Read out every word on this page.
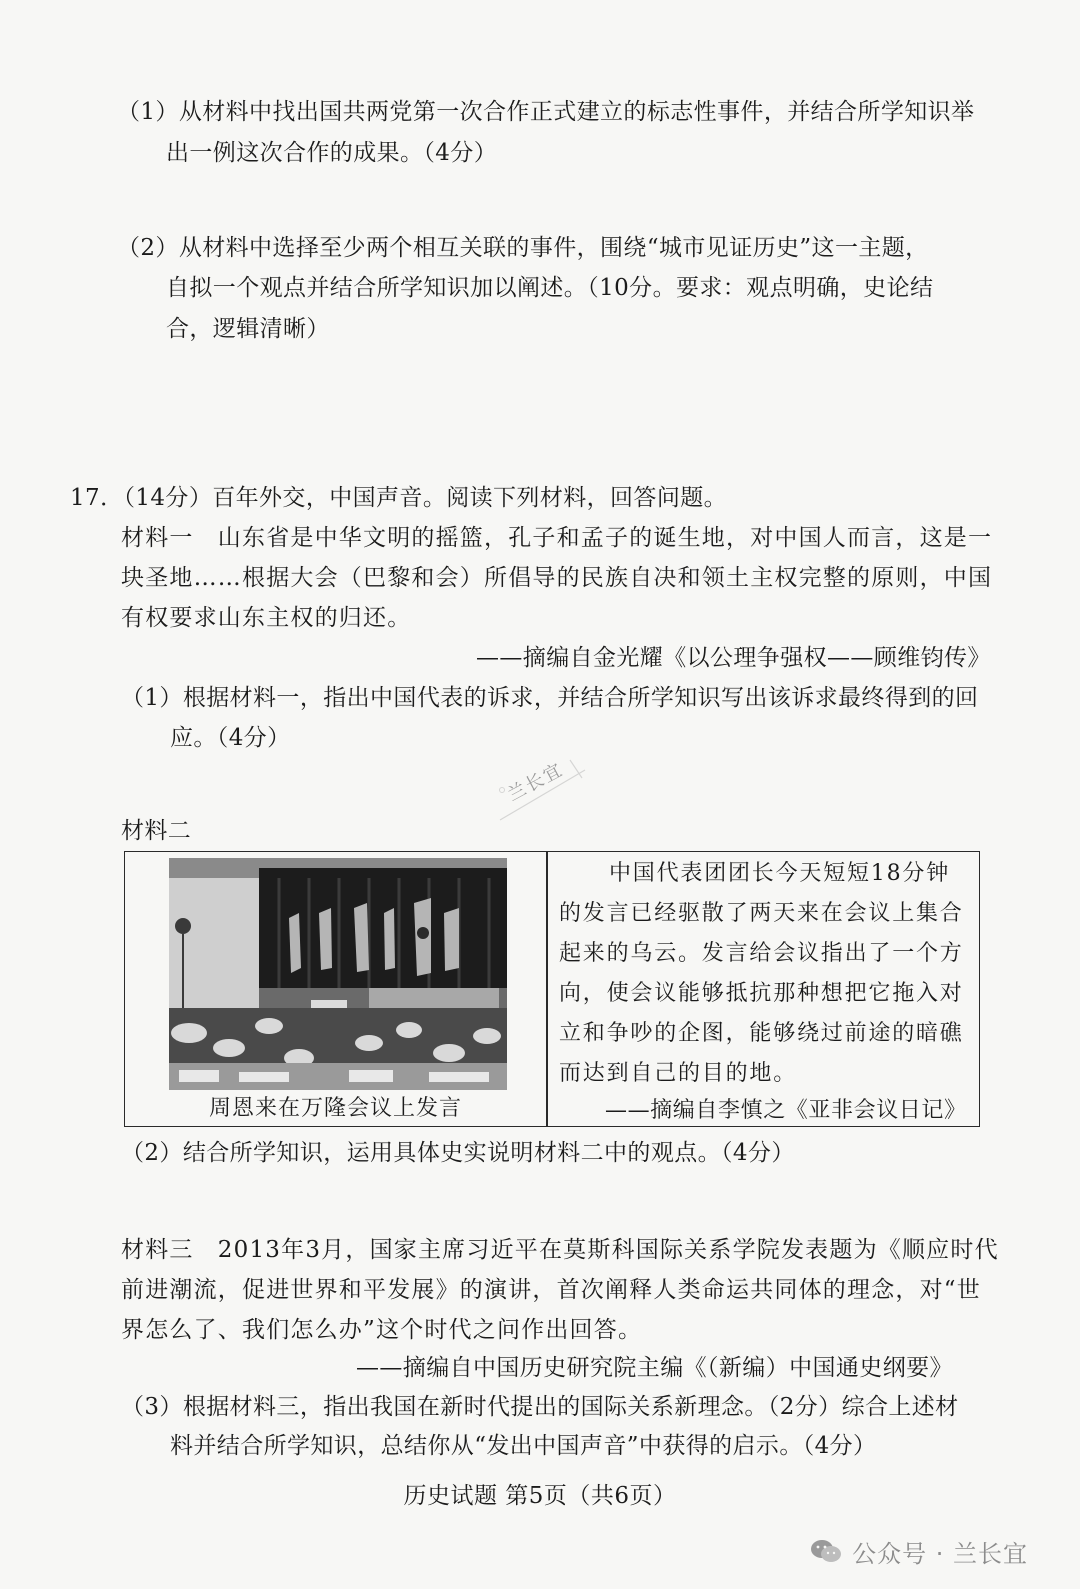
（1）从材料中找出国共两党第一次合作正式建立的标志性事件，并结合所学知识举
出一例这次合作的成果。（4分）
（2）从材料中选择至少两个相互关联的事件，围绕“城市见证历史”这一主题，
自拟一个观点并结合所学知识加以阐述。（10分。要求：观点明确，史论结
合，逻辑清晰）
17．（14分）百年外交，中国声音。阅读下列材料，回答问题。
材料一　山东省是中华文明的摇篮，孔子和孟子的诞生地，对中国人而言，这是一
块圣地……根据大会（巴黎和会）所倡导的民族自决和领土主权完整的原则，中国
有权要求山东主权的归还。
——摘编自金光耀《以公理争强权——顾维钧传》
（1）根据材料一，指出中国代表的诉求，并结合所学知识写出该诉求最终得到的回
应。（4分）
兰长宜
材料二
周恩来在万隆会议上发言
中国代表团团长今天短短18分钟
的发言已经驱散了两天来在会议上集合
起来的乌云。发言给会议指出了一个方
向，使会议能够抵抗那种想把它拖入对
立和争吵的企图，能够绕过前途的暗礁
而达到自己的目的地。
——摘编自李慎之《亚非会议日记》
（2）结合所学知识，运用具体史实说明材料二中的观点。（4分）
材料三　2013年3月，国家主席习近平在莫斯科国际关系学院发表题为《顺应时代
前进潮流，促进世界和平发展》的演讲，首次阐释人类命运共同体的理念，对“世
界怎么了、我们怎么办”这个时代之问作出回答。
——摘编自中国历史研究院主编《（新编）中国通史纲要》
（3）根据材料三，指出我国在新时代提出的国际关系新理念。（2分）综合上述材
料并结合所学知识，总结你从“发出中国声音”中获得的启示。（4分）
历史试题 第5页（共6页）
公众号 · 兰长宜
